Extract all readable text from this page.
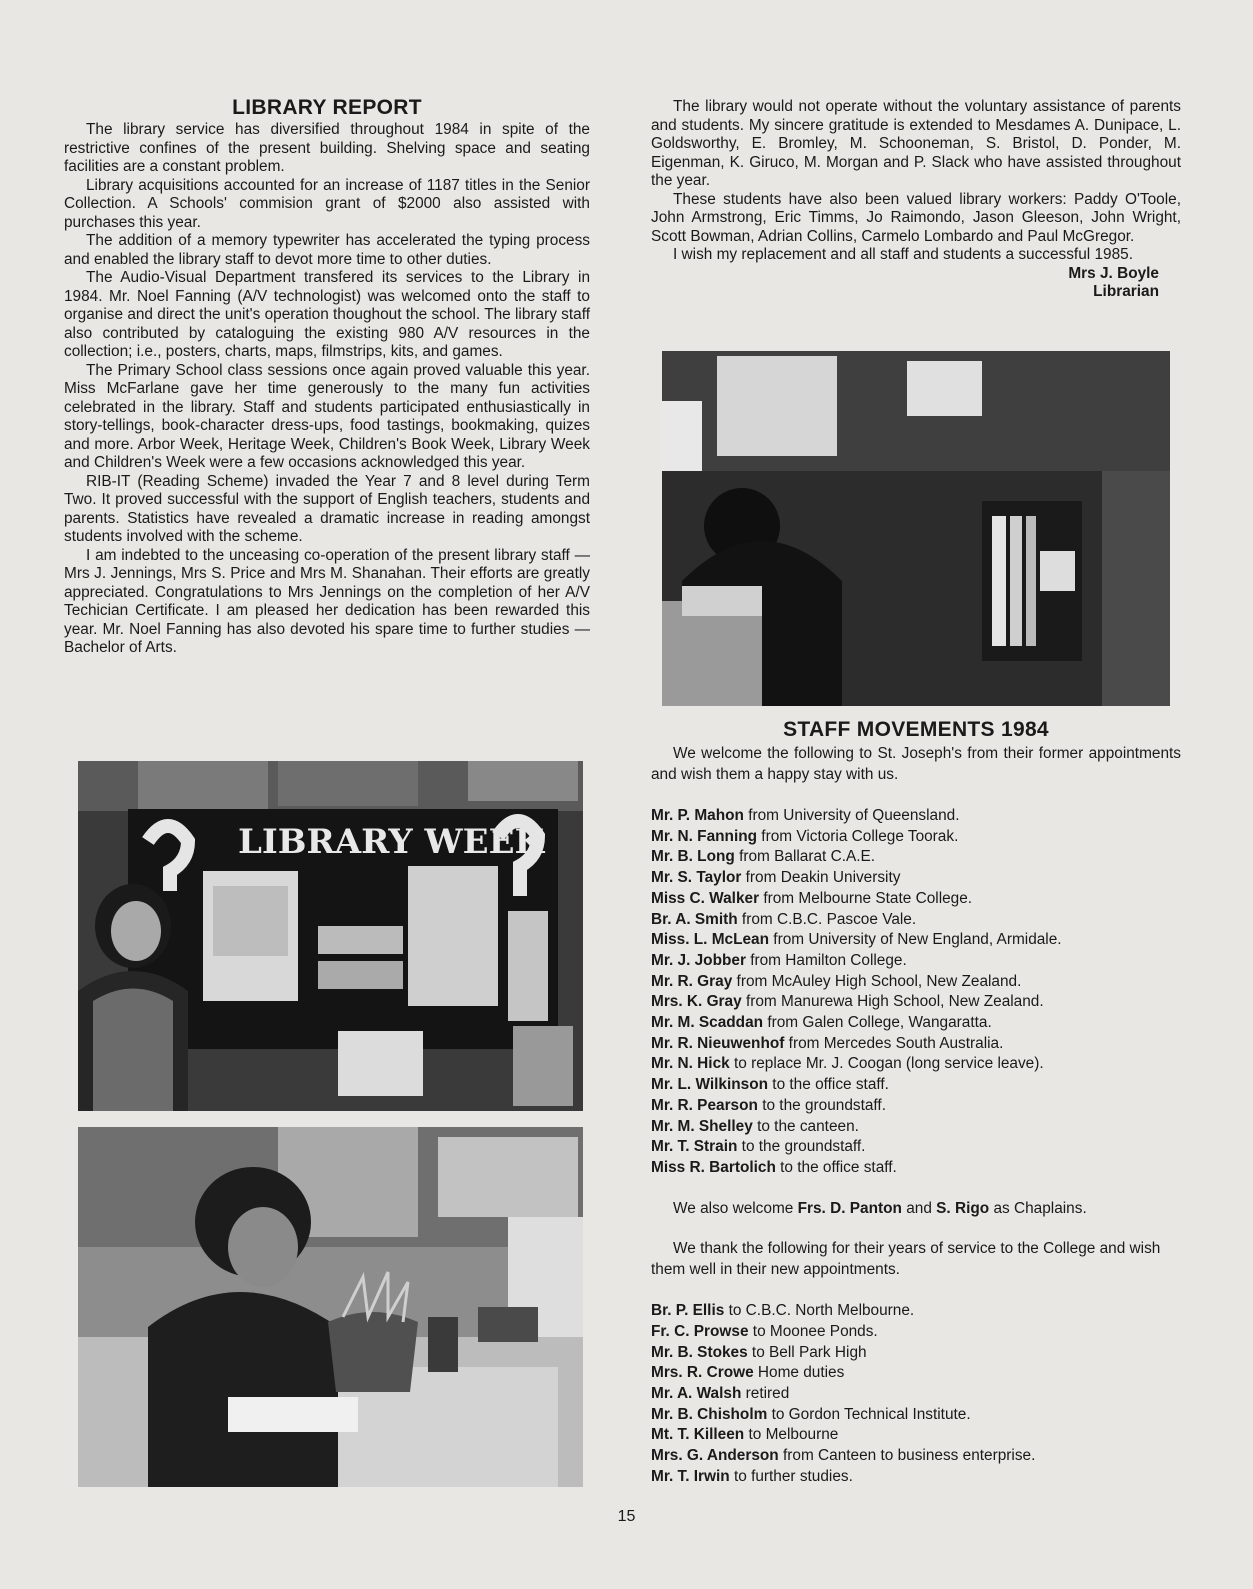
LIBRARY REPORT

The library service has diversified throughout 1984 in spite of the restrictive confines of the present building. Shelving space and seating facilities are a constant problem.

Library acquisitions accounted for an increase of 1187 titles in the Senior Collection. A Schools' commision grant of $2000 also assisted with purchases this year.

The addition of a memory typewriter has accelerated the typing process and enabled the library staff to devot more time to other duties.

The Audio-Visual Department transfered its services to the Library in 1984. Mr. Noel Fanning (A/V technologist) was welcomed onto the staff to organise and direct the unit's operation thoughout the school. The library staff also contributed by cataloguing the existing 980 A/V resources in the collection; i.e., posters, charts, maps, filmstrips, kits, and games.

The Primary School class sessions once again proved valuable this year. Miss McFarlane gave her time generously to the many fun activities celebrated in the library. Staff and students participated enthusiastically in story-tellings, book-character dress-ups, food tastings, bookmaking, quizes and more. Arbor Week, Heritage Week, Children's Book Week, Library Week and Children's Week were a few occasions acknowledged this year.

RIB-IT (Reading Scheme) invaded the Year 7 and 8 level during Term Two. It proved successful with the support of English teachers, students and parents. Statistics have revealed a dramatic increase in reading amongst students involved with the scheme.

I am indebted to the unceasing co-operation of the present library staff — Mrs J. Jennings, Mrs S. Price and Mrs M. Shanahan. Their efforts are greatly appreciated. Congratulations to Mrs Jennings on the completion of her A/V Techician Certificate. I am pleased her dedication has been rewarded this year. Mr. Noel Fanning has also devoted his spare time to further studies — Bachelor of Arts.

LIBRARY WEEK

The library would not operate without the voluntary assistance of parents and students. My sincere gratitude is extended to Mesdames A. Dunipace, L. Goldsworthy, E. Bromley, M. Schooneman, S. Bristol, D. Ponder, M. Eigenman, K. Giruco, M. Morgan and P. Slack who have assisted throughout the year.

These students have also been valued library workers: Paddy O'Toole, John Armstrong, Eric Timms, Jo Raimondo, Jason Gleeson, John Wright, Scott Bowman, Adrian Collins, Carmelo Lombardo and Paul McGregor.

I wish my replacement and all staff and students a successful 1985.

Mrs J. Boyle
Librarian
STAFF MOVEMENTS 1984

We welcome the following to St. Joseph's from their former appointments and wish them a happy stay with us.

Mr. P. Mahon from University of Queensland.
Mr. N. Fanning from Victoria College Toorak.
Mr. B. Long from Ballarat C.A.E.
Mr. S. Taylor from Deakin University
Miss C. Walker from Melbourne State College.
Br. A. Smith from C.B.C. Pascoe Vale.
Miss. L. McLean from University of New England, Armidale.
Mr. J. Jobber from Hamilton College.
Mr. R. Gray from McAuley High School, New Zealand.
Mrs. K. Gray from Manurewa High School, New Zealand.
Mr. M. Scaddan from Galen College, Wangaratta.
Mr. R. Nieuwenhof from Mercedes South Australia.
Mr. N. Hick to replace Mr. J. Coogan (long service leave).
Mr. L. Wilkinson to the office staff.
Mr. R. Pearson to the groundstaff.
Mr. M. Shelley to the canteen.
Mr. T. Strain to the groundstaff.
Miss R. Bartolich to the office staff.

We also welcome Frs. D. Panton and S. Rigo as Chaplains.

We thank the following for their years of service to the College and wish them well in their new appointments.

Br. P. Ellis to C.B.C. North Melbourne.
Fr. C. Prowse to Moonee Ponds.
Mr. B. Stokes to Bell Park High
Mrs. R. Crowe Home duties
Mr. A. Walsh retired
Mr. B. Chisholm to Gordon Technical Institute.
Mt. T. Killeen to Melbourne
Mrs. G. Anderson from Canteen to business enterprise.
Mr. T. Irwin to further studies.
15
